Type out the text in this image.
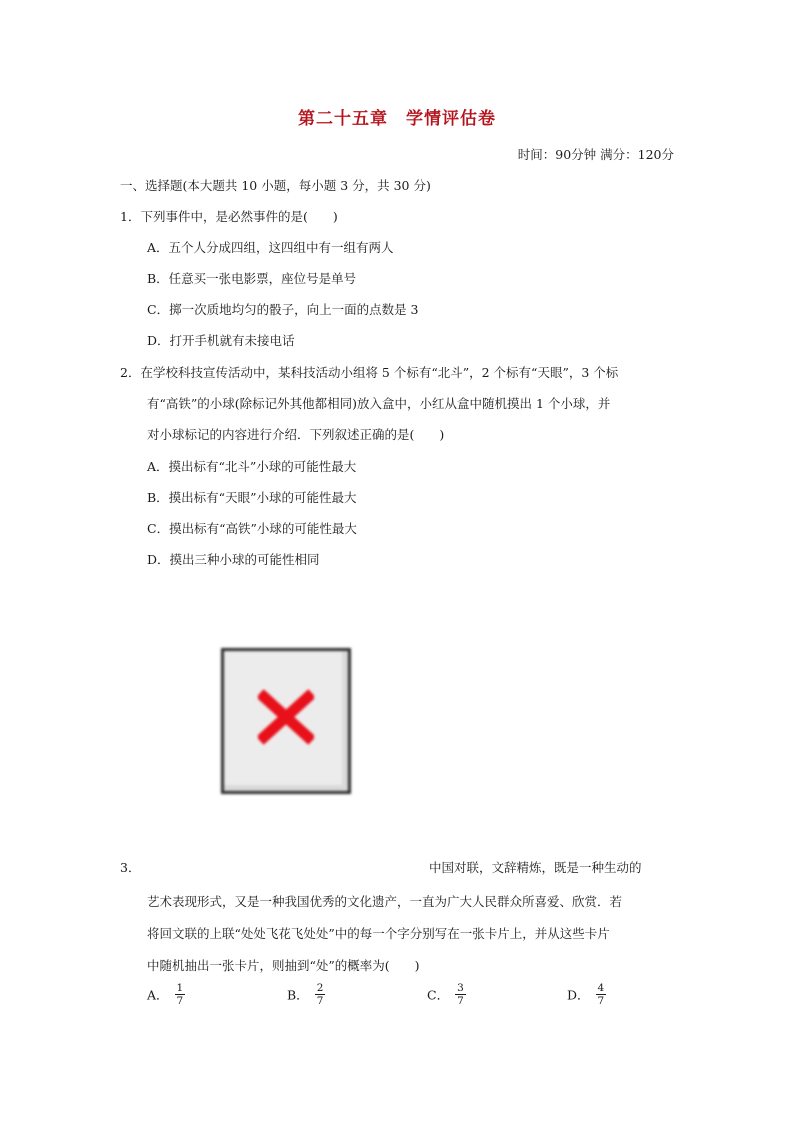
第二十五章　学情评估卷
时间：90分钟 满分：120分
一、选择题(本大题共 10 小题，每小题 3 分，共 30 分)
1．下列事件中，是必然事件的是(　　)
A．五个人分成四组，这四组中有一组有两人
B．任意买一张电影票，座位号是单号
C．掷一次质地均匀的骰子，向上一面的点数是 3
D．打开手机就有未接电话
2．在学校科技宣传活动中，某科技活动小组将 5 个标有“北斗”，2 个标有“天眼”，3 个标
有“高铁”的小球(除标记外其他都相同)放入盒中，小红从盒中随机摸出 1 个小球，并
对小球标记的内容进行介绍．下列叙述正确的是(　　)
A．摸出标有“北斗”小球的可能性最大
B．摸出标有“天眼”小球的可能性最大
C．摸出标有“高铁”小球的可能性最大
D．摸出三种小球的可能性相同
3．	中国对联，文辞精炼，既是一种生动的
艺术表现形式，又是一种我国优秀的文化遗产，一直为广大人民群众所喜爱、欣赏．若
将回文联的上联“处处飞花飞处处”中的每一个字分别写在一张卡片上，并从这些卡片
中随机抽出一张卡片，则抽到“处”的概率为(　　)
A． $\frac{1}{7}$	B． $\frac{2}{7}$	C． $\frac{3}{7}$	D． $\frac{4}{7}$
